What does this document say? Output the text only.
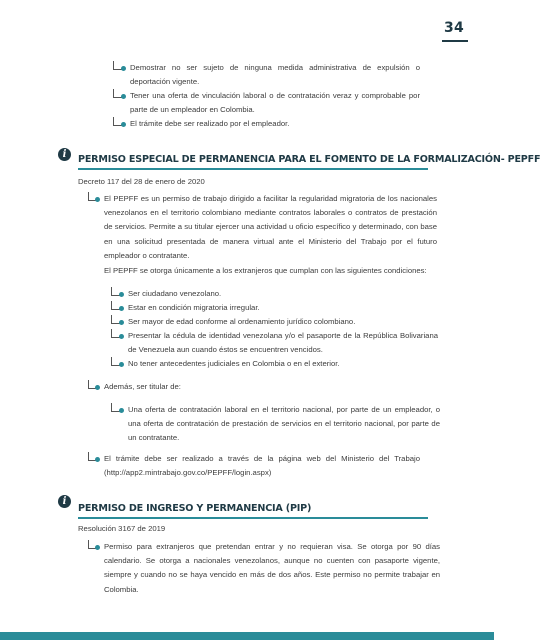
34
Demostrar no ser sujeto de ninguna medida administrativa de expulsión o deportación vigente.
Tener una oferta de vinculación laboral o de contratación veraz y comprobable por parte de un empleador en Colombia.
El trámite debe ser realizado por el empleador.
i	PERMISO ESPECIAL DE PERMANENCIA PARA EL FOMENTO DE LA FORMALIZACIÓN- PEPFF
Decreto 117 del 28 de enero de 2020
El PEPFF es un permiso de trabajo dirigido a facilitar la regularidad migratoria de los nacionales venezolanos en el territorio colombiano mediante contratos laborales o contratos de prestación de servicios. Permite a su titular ejercer una actividad u oficio específico y determinado, con base en una solicitud presentada de manera virtual ante el Ministerio del Trabajo por el futuro empleador o contratante.
El PEPFF se otorga únicamente a los extranjeros que cumplan con las siguientes condiciones:
Ser ciudadano venezolano.
Estar en condición migratoria irregular.
Ser mayor de edad conforme al ordenamiento jurídico colombiano.
Presentar la cédula de identidad venezolana y/o el pasaporte de la República Bolivariana de Venezuela aun cuando éstos se encuentren vencidos.
No tener antecedentes judiciales en Colombia o en el exterior.
Además, ser titular de:
Una oferta de contratación laboral en el territorio nacional, por parte de un empleador, o una oferta de contratación de prestación de servicios en el territorio nacional, por parte de un contratante.
El trámite debe ser realizado a través de la página web del Ministerio del Trabajo (http://app2.mintrabajo.gov.co/PEPFF/login.aspx)
i
PERMISO DE INGRESO Y PERMANENCIA (PIP)
Resolución 3167 de 2019
Permiso para extranjeros que pretendan entrar y no requieran visa. Se otorga por 90 días calendario. Se otorga a nacionales venezolanos, aunque no cuenten con pasaporte vigente, siempre y cuando no se haya vencido en más de dos años. Este permiso no permite trabajar en Colombia.
